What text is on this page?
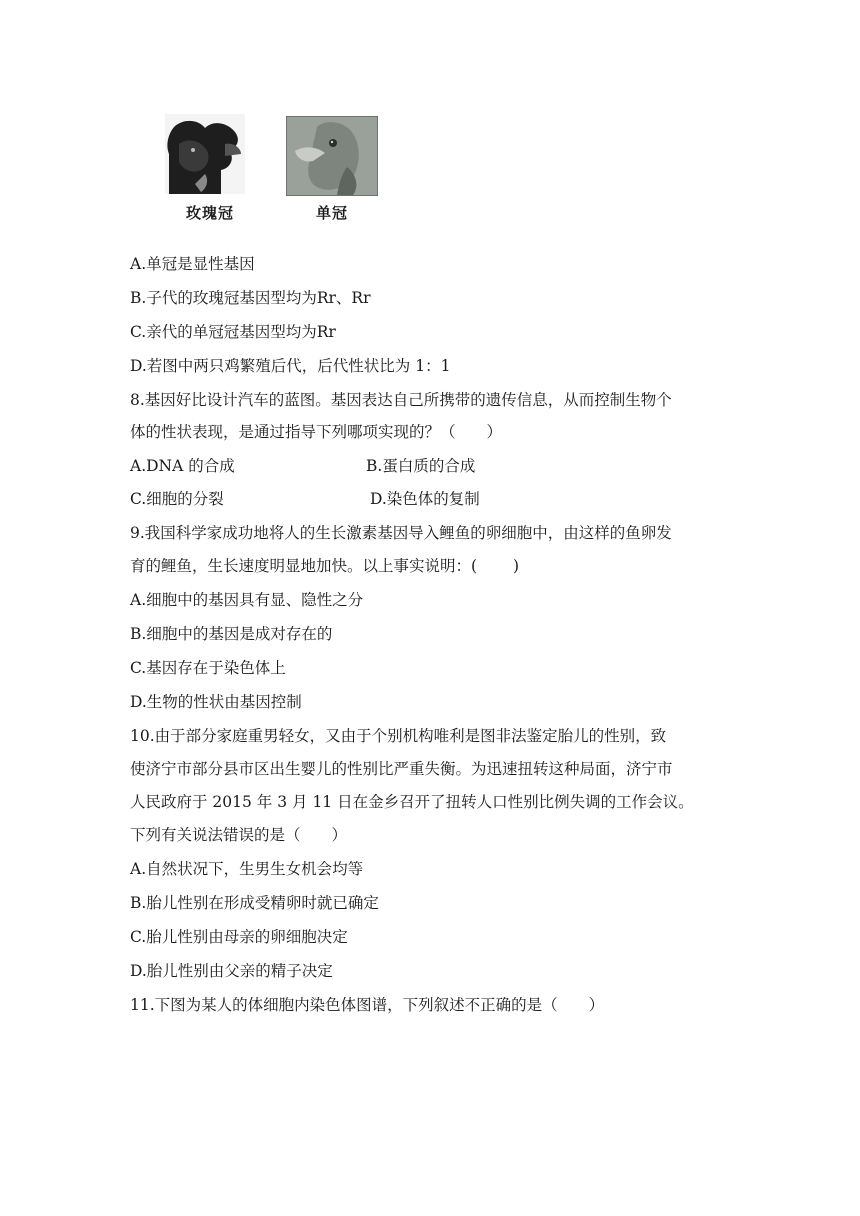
玫瑰冠	单冠
A.单冠是显性基因
B.子代的玫瑰冠基因型均为Rr、Rr
C.亲代的单冠冠基因型均为Rr
D.若图中两只鸡繁殖后代，后代性状比为 1：1
8.基因好比设计汽车的蓝图。基因表达自己所携带的遗传信息，从而控制生物个
体的性状表现，是通过指导下列哪项实现的？（　　）
A.DNA 的合成	B.蛋白质的合成
C.细胞的分裂	D.染色体的复制
9.我国科学家成功地将人的生长激素基因导入鲤鱼的卵细胞中，由这样的鱼卵发
育的鲤鱼，生长速度明显地加快。以上事实说明：(　　 )
A.细胞中的基因具有显、隐性之分
B.细胞中的基因是成对存在的
C.基因存在于染色体上
D.生物的性状由基因控制
10.由于部分家庭重男轻女，又由于个别机构唯利是图非法鉴定胎儿的性别，致
使济宁市部分县市区出生婴儿的性别比严重失衡。为迅速扭转这种局面，济宁市
人民政府于 2015 年 3 月 11 日在金乡召开了扭转人口性别比例失调的工作会议。
下列有关说法错误的是（　　）
A.自然状况下，生男生女机会均等
B.胎儿性别在形成受精卵时就已确定
C.胎儿性别由母亲的卵细胞决定
D.胎儿性别由父亲的精子决定
11.下图为某人的体细胞内染色体图谱，下列叙述不正确的是（　　）
